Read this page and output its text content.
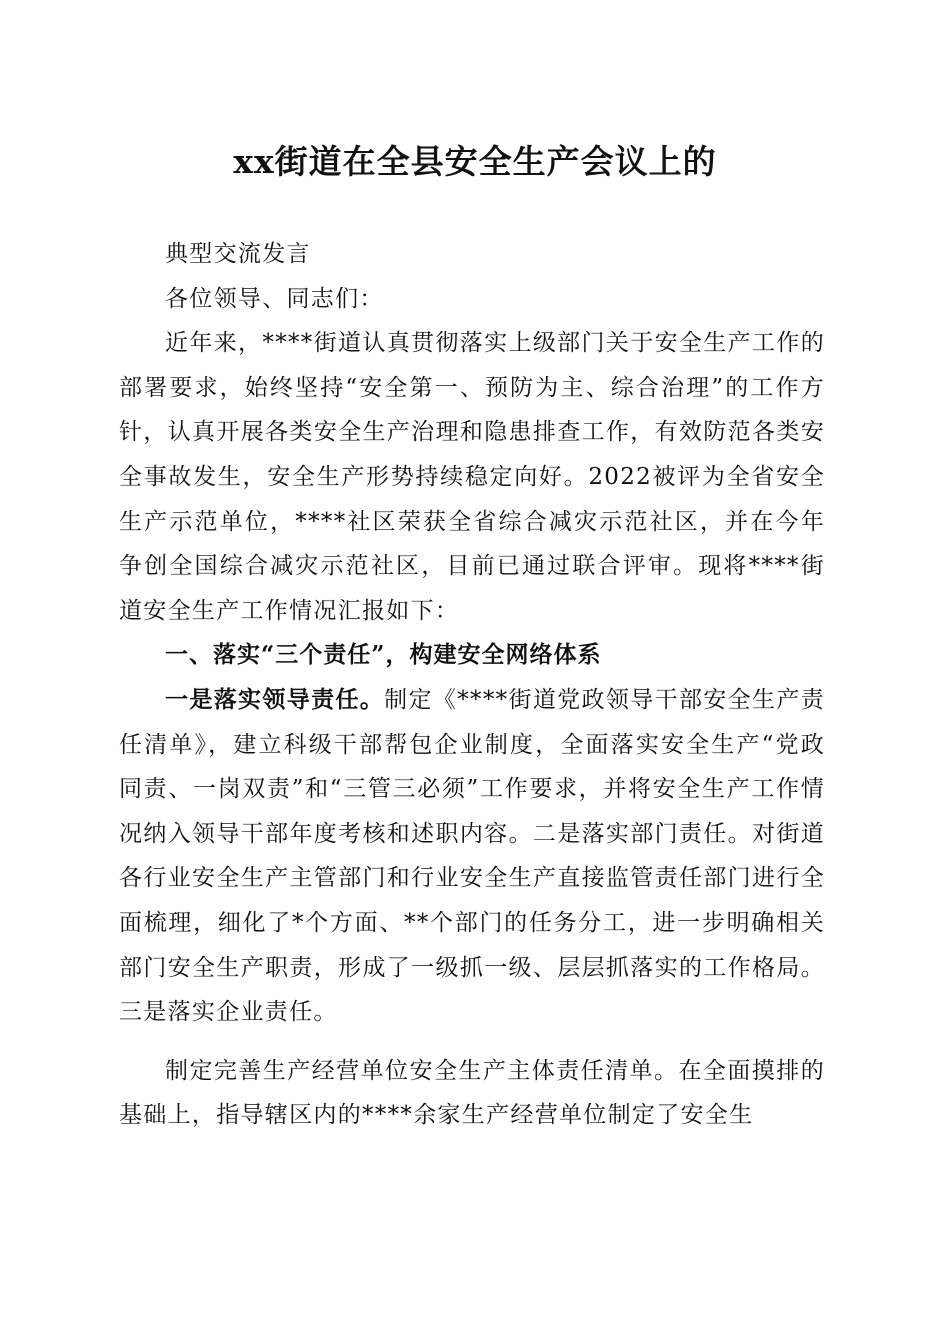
xx街道在全县安全生产会议上的

典型交流发言

各位领导、同志们：

近年来，****街道认真贯彻落实上级部门关于安全生产工作的部署要求，始终坚持“安全第一、预防为主、综合治理”的工作方针，认真开展各类安全生产治理和隐患排查工作，有效防范各类安全事故发生，安全生产形势持续稳定向好。2022被评为全省安全生产示范单位，****社区荣获全省综合减灾示范社区，并在今年争创全国综合减灾示范社区，目前已通过联合评审。现将****街道安全生产工作情况汇报如下：

一、落实“三个责任”，构建安全网络体系

一是落实领导责任。制定《****街道党政领导干部安全生产责任清单》，建立科级干部帮包企业制度，全面落实安全生产“党政同责、一岗双责”和“三管三必须”工作要求，并将安全生产工作情况纳入领导干部年度考核和述职内容。二是落实部门责任。对街道各行业安全生产主管部门和行业安全生产直接监管责任部门进行全面梳理，细化了*个方面、**个部门的任务分工，进一步明确相关部门安全生产职责，形成了一级抓一级、层层抓落实的工作格局。三是落实企业责任。

制定完善生产经营单位安全生产主体责任清单。在全面摸排的基础上，指导辖区内的****余家生产经营单位制定了安全生
